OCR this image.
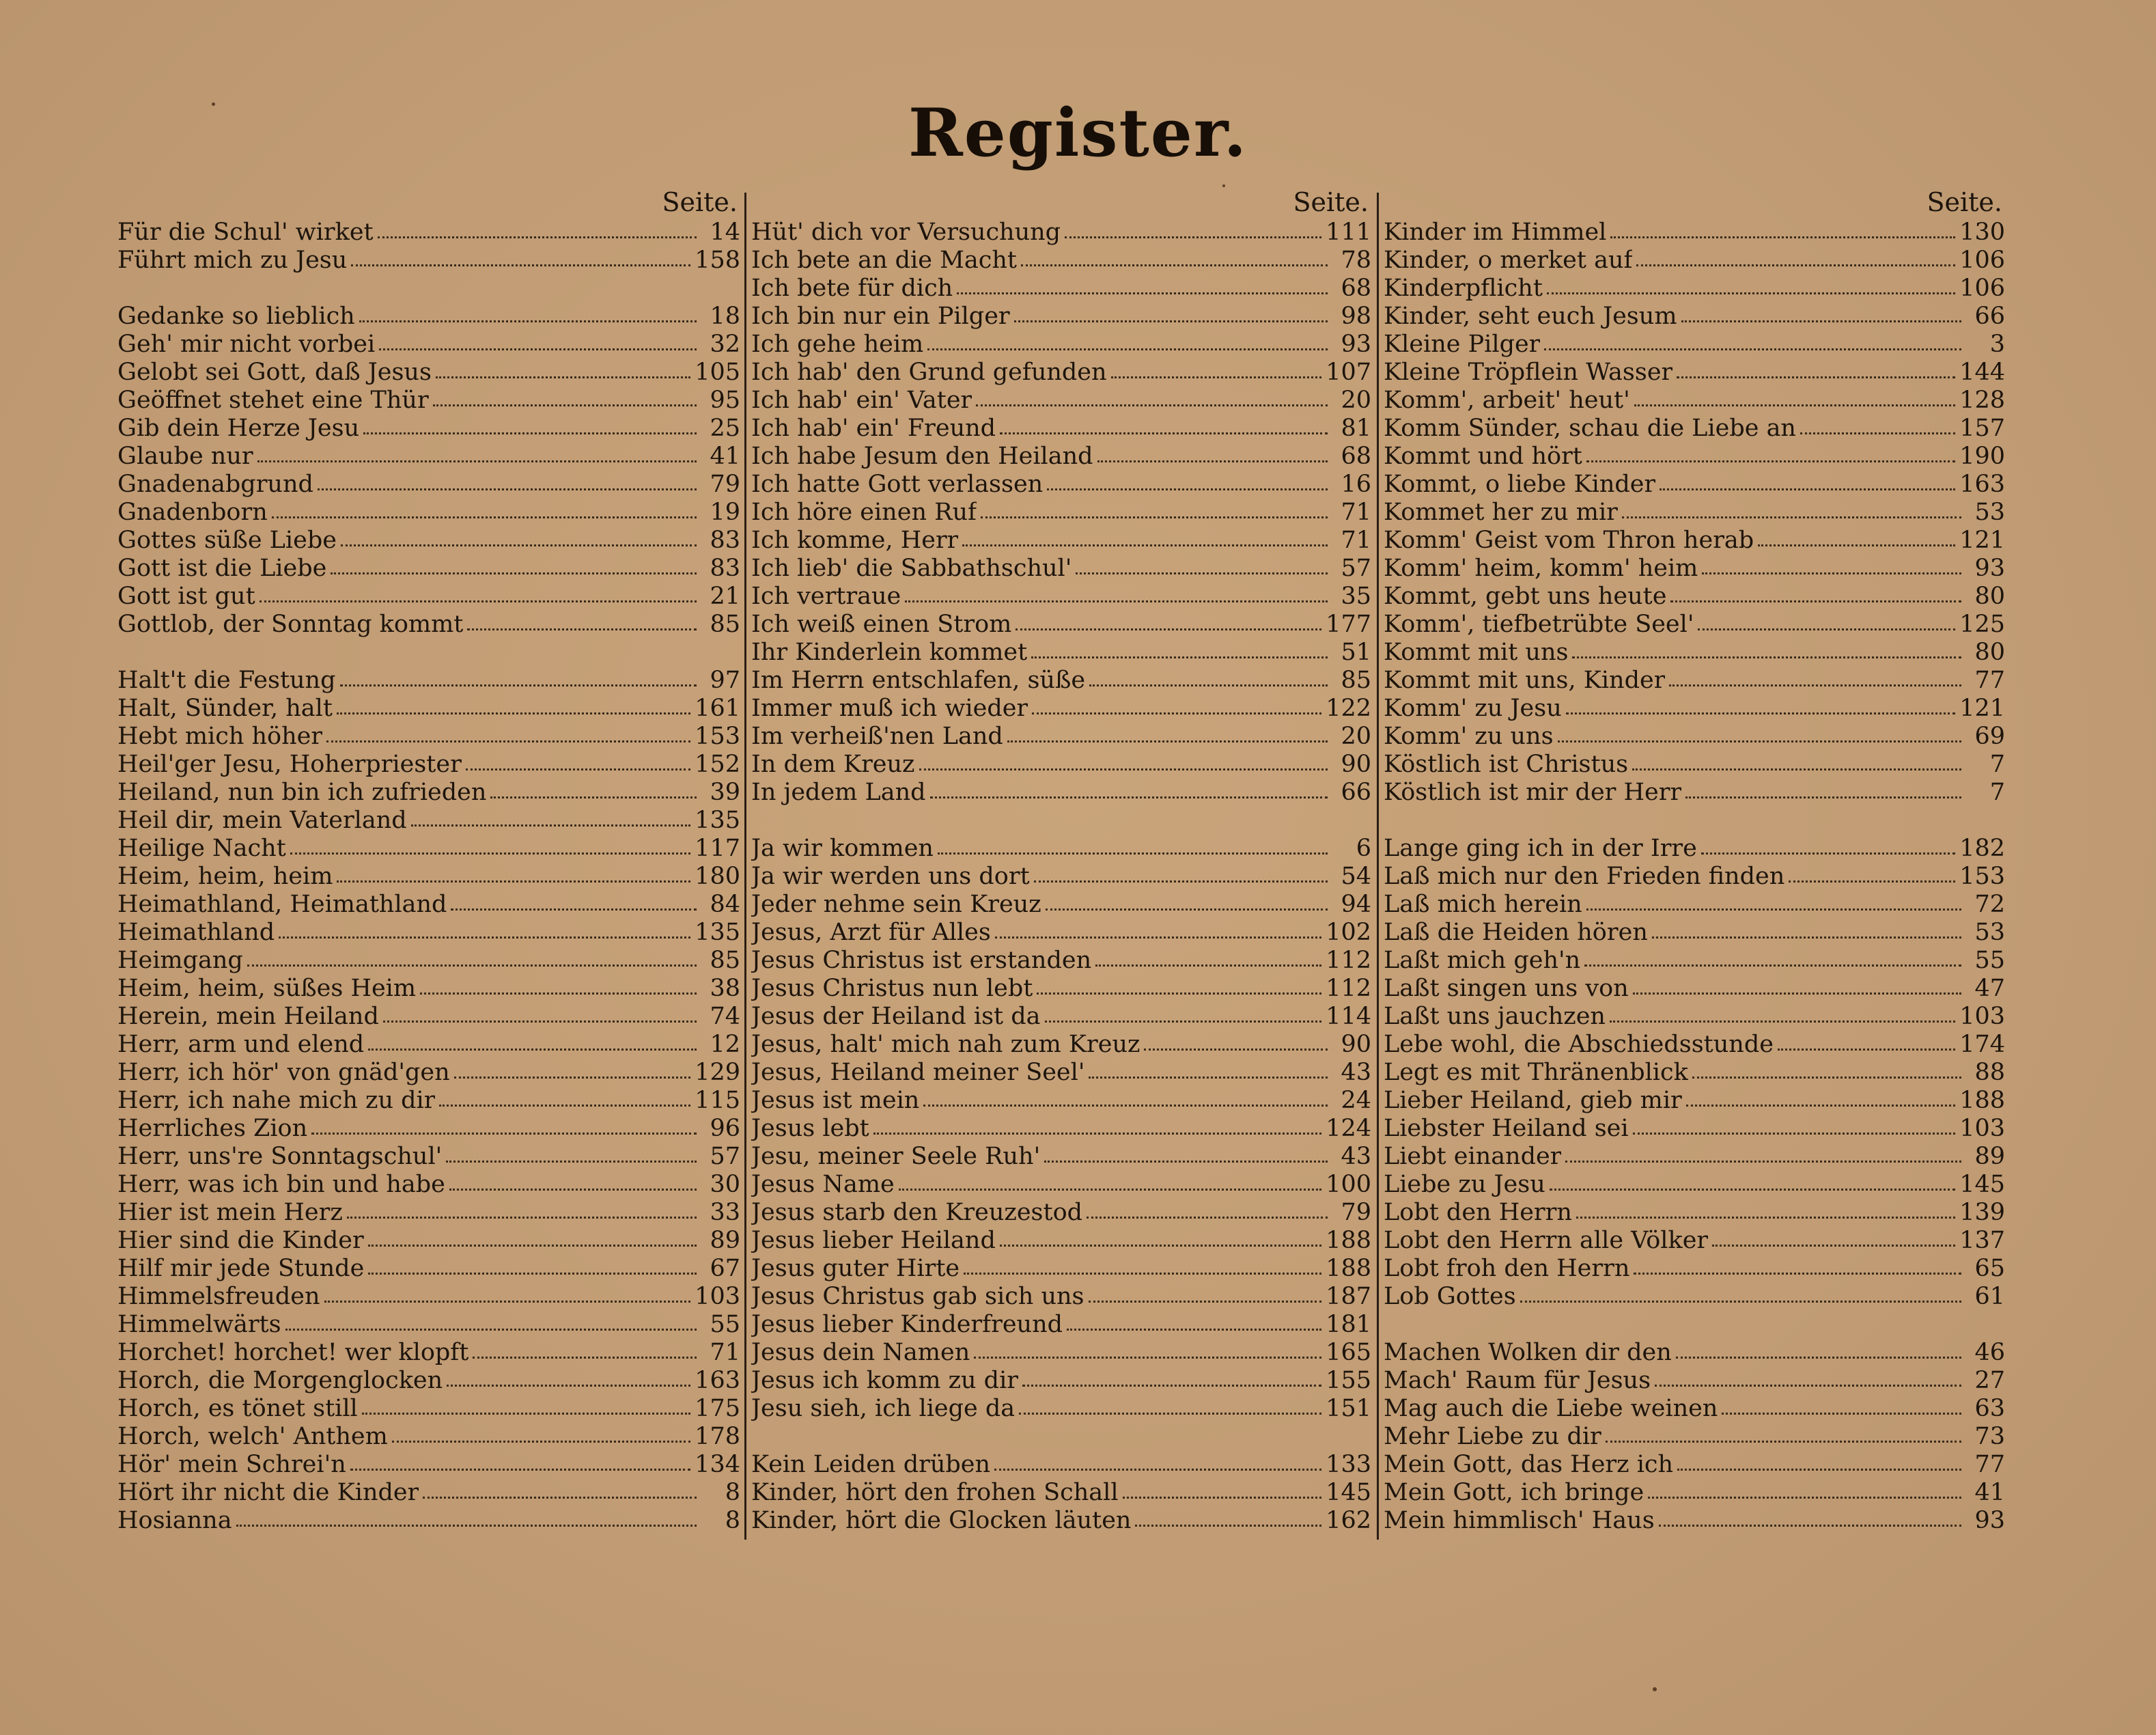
Register.
Seite.
Für die Schul' wirket	14
Führt mich zu Jesu	158
Gedanke so lieblich	18
Geh' mir nicht vorbei	32
Gelobt sei Gott, daß Jesus	105
Geöffnet stehet eine Thür	95
Gib dein Herze Jesu	25
Glaube nur	41
Gnadenabgrund	79
Gnadenborn	19
Gottes süße Liebe	83
Gott ist die Liebe	83
Gott ist gut	21
Gottlob, der Sonntag kommt	85
Halt't die Festung	97
Halt, Sünder, halt	161
Hebt mich höher	153
Heil'ger Jesu, Hoherpriester	152
Heiland, nun bin ich zufrieden	39
Heil dir, mein Vaterland	135
Heilige Nacht	117
Heim, heim, heim	180
Heimathland, Heimathland	84
Heimathland	135
Heimgang	85
Heim, heim, süßes Heim	38
Herein, mein Heiland	74
Herr, arm und elend	12
Herr, ich hör' von gnäd'gen	129
Herr, ich nahe mich zu dir	115
Herrliches Zion	96
Herr, uns're Sonntagschul'	57
Herr, was ich bin und habe	30
Hier ist mein Herz	33
Hier sind die Kinder	89
Hilf mir jede Stunde	67
Himmelsfreuden	103
Himmelwärts	55
Horchet! horchet! wer klopft	71
Horch, die Morgenglocken	163
Horch, es tönet still	175
Horch, welch' Anthem	178
Hör' mein Schrei'n	134
Hört ihr nicht die Kinder	8
Hosianna	8
Seite.
Hüt' dich vor Versuchung	111
Ich bete an die Macht	78
Ich bete für dich	68
Ich bin nur ein Pilger	98
Ich gehe heim	93
Ich hab' den Grund gefunden	107
Ich hab' ein' Vater	20
Ich hab' ein' Freund	81
Ich habe Jesum den Heiland	68
Ich hatte Gott verlassen	16
Ich höre einen Ruf	71
Ich komme, Herr	71
Ich lieb' die Sabbathschul'	57
Ich vertraue	35
Ich weiß einen Strom	177
Ihr Kinderlein kommet	51
Im Herrn entschlafen, süße	85
Immer muß ich wieder	122
Im verheiß'nen Land	20
In dem Kreuz	90
In jedem Land	66
Ja wir kommen	6
Ja wir werden uns dort	54
Jeder nehme sein Kreuz	94
Jesus, Arzt für Alles	102
Jesus Christus ist erstanden	112
Jesus Christus nun lebt	112
Jesus der Heiland ist da	114
Jesus, halt' mich nah zum Kreuz	90
Jesus, Heiland meiner Seel'	43
Jesus ist mein	24
Jesus lebt	124
Jesu, meiner Seele Ruh'	43
Jesus Name	100
Jesus starb den Kreuzestod	79
Jesus lieber Heiland	188
Jesus guter Hirte	188
Jesus Christus gab sich uns	187
Jesus lieber Kinderfreund	181
Jesus dein Namen	165
Jesus ich komm zu dir	155
Jesu sieh, ich liege da	151
Kein Leiden drüben	133
Kinder, hört den frohen Schall	145
Kinder, hört die Glocken läuten	162
Seite.
Kinder im Himmel	130
Kinder, o merket auf	106
Kinderpflicht	106
Kinder, seht euch Jesum	66
Kleine Pilger	3
Kleine Tröpflein Wasser	144
Komm', arbeit' heut'	128
Komm Sünder, schau die Liebe an	157
Kommt und hört	190
Kommt, o liebe Kinder	163
Kommet her zu mir	53
Komm' Geist vom Thron herab	121
Komm' heim, komm' heim	93
Kommt, gebt uns heute	80
Komm', tiefbetrübte Seel'	125
Kommt mit uns	80
Kommt mit uns, Kinder	77
Komm' zu Jesu	121
Komm' zu uns	69
Köstlich ist Christus	7
Köstlich ist mir der Herr	7
Lange ging ich in der Irre	182
Laß mich nur den Frieden finden	153
Laß mich herein	72
Laß die Heiden hören	53
Laßt mich geh'n	55
Laßt singen uns von	47
Laßt uns jauchzen	103
Lebe wohl, die Abschiedsstunde	174
Legt es mit Thränenblick	88
Lieber Heiland, gieb mir	188
Liebster Heiland sei	103
Liebt einander	89
Liebe zu Jesu	145
Lobt den Herrn	139
Lobt den Herrn alle Völker	137
Lobt froh den Herrn	65
Lob Gottes	61
Machen Wolken dir den	46
Mach' Raum für Jesus	27
Mag auch die Liebe weinen	63
Mehr Liebe zu dir	73
Mein Gott, das Herz ich	77
Mein Gott, ich bringe	41
Mein himmlisch' Haus	93
